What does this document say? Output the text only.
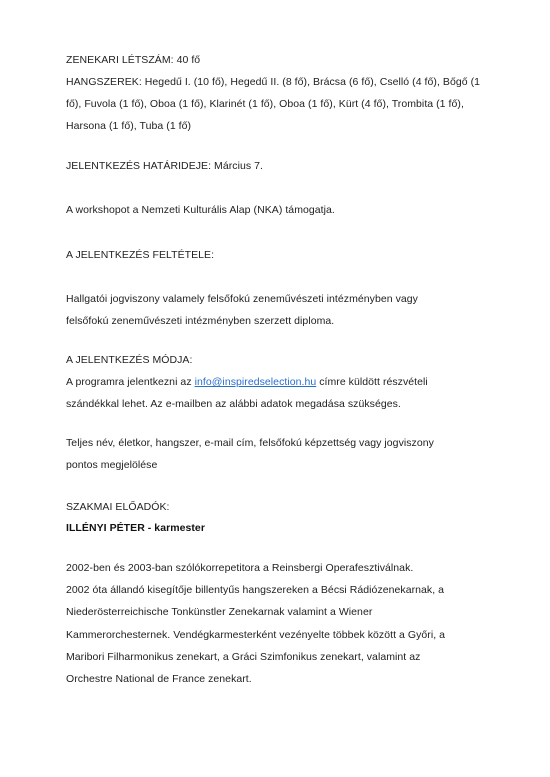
ZENEKARI LÉTSZÁM: 40 fő
HANGSZEREK: Hegedű I. (10 fő), Hegedű II. (8 fő), Brácsa (6 fő), Cselló (4 fő), Bőgő (1
fő), Fuvola (1 fő), Oboa (1 fő), Klarinét (1 fő), Oboa (1 fő), Kürt (4 fő), Trombita (1 fő),
Harsona (1 fő), Tuba (1 fő)
JELENTKEZÉS HATÁRIDEJE: Március 7.
A workshopot a Nemzeti Kulturális Alap (NKA) támogatja.
A JELENTKEZÉS FELTÉTELE:
Hallgatói jogviszony valamely felsőfokú zeneművészeti intézményben vagy
felsőfokú zeneművészeti intézményben szerzett diploma.
A JELENTKEZÉS MÓDJA:
A programra jelentkezni az info@inspiredselection.hu címre küldött részvételi
szándékkal lehet. Az e-mailben az alábbi adatok megadása szükséges.
Teljes név, életkor, hangszer, e-mail cím, felsőfokú képzettség vagy jogviszony
pontos megjelölése
SZAKMAI ELŐADÓK:
ILLÉNYI PÉTER - karmester
2002-ben és 2003-ban szólókorrepetitora a Reinsbergi Operafesztiválnak.
2002 óta állandó kisegítője billentyűs hangszereken a Bécsi Rádiózenekarnak, a
Niederösterreichische Tonkünstler Zenekarnak valamint a Wiener
Kammerorchesternek. Vendégkarmesterként vezényelte többek között a Győri, a
Maribori Filharmonikus zenekart, a Gráci Szimfonikus zenekart, valamint az
Orchestre National de France zenekart.
